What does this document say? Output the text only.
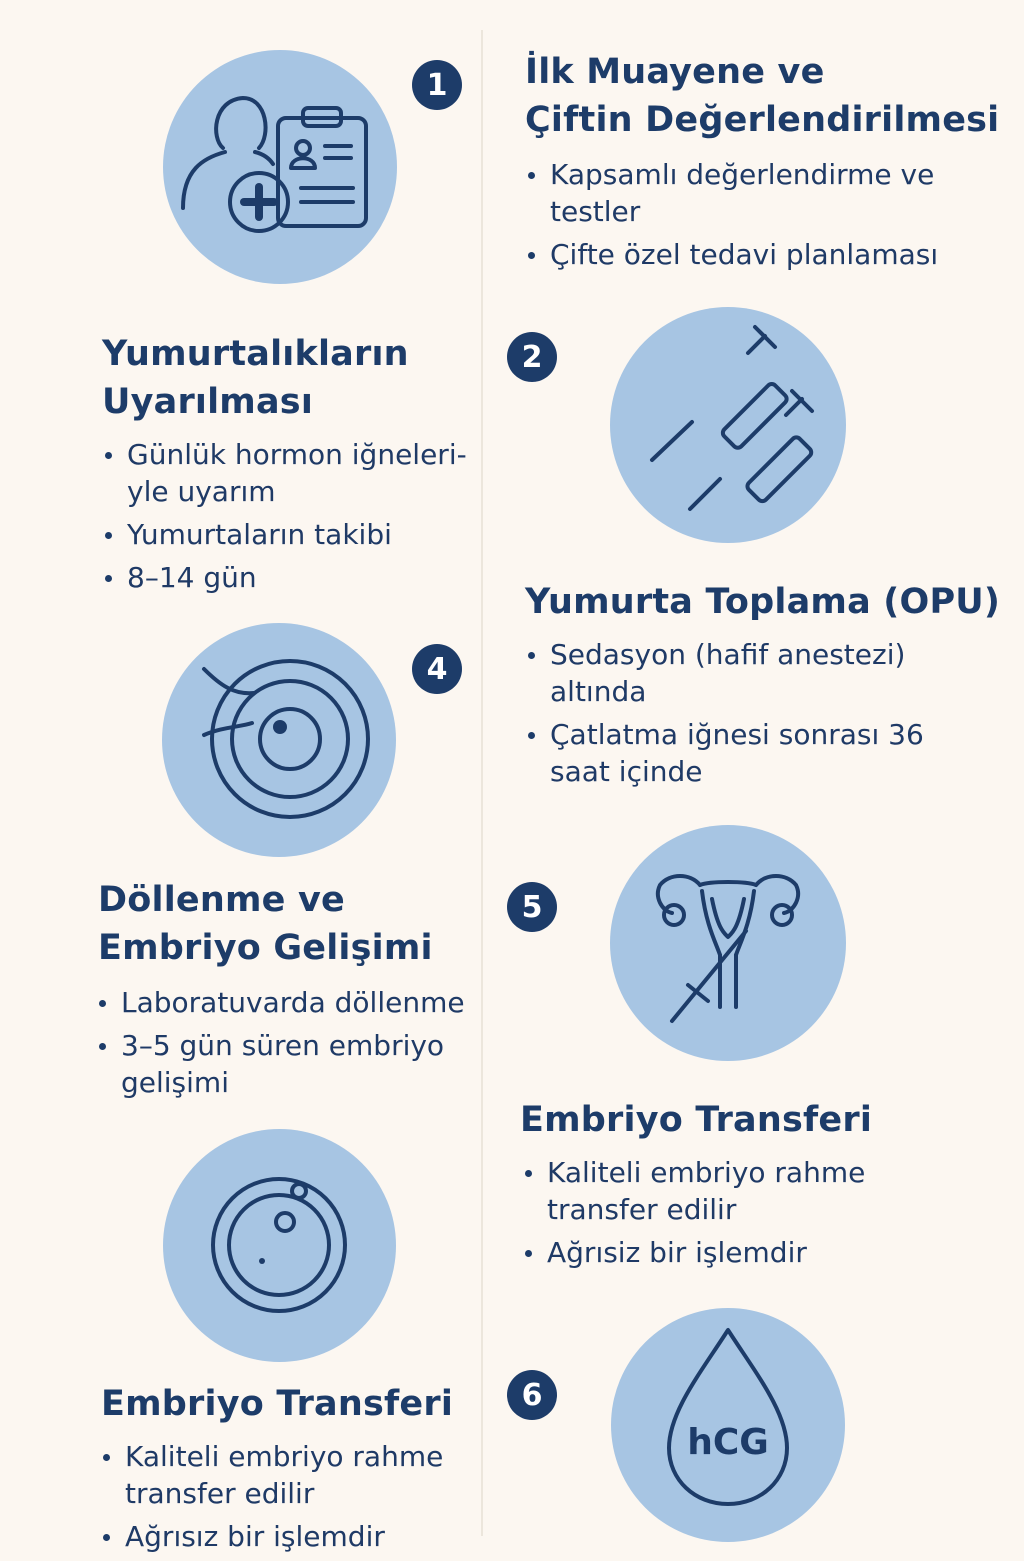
1	İlk Muayene ve
Çiftin Değerlendirilmesi
Kapsamlı değerlendirme ve testler
Çifte özel tedavi planlaması
Yumurtalıkların
Uyarılması
Günlük hormon iğneleri-yle uyarım
Yumurtaların takibi
8–14 gün
2
Yumurta Toplama (OPU)
Sedasyon (hafif anestezi) altında
Çatlatma iğnesi sonrası 36 saat içinde
4
Döllenme ve
Embriyo Gelişimi
Laboratuvarda döllenme
3–5 gün süren embriyo gelişimi
5
Embriyo Transferi
Kaliteli embriyo rahme transfer edilir
Ağrısiz bir işlemdir
Embriyo Transferi
Kaliteli embriyo rahme transfer edilir
Ağrısız bir işlemdir
6
hCG
